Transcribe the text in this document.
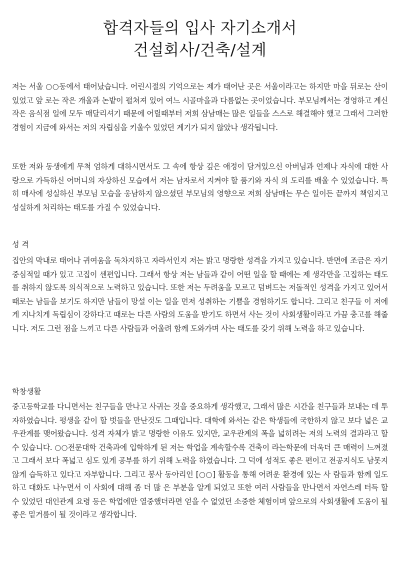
합격자들의 입사 자기소개서
건설회사/건축/설계

저는 서울 ○○동에서 태어났습니다. 어린시절의 기억으로는 제가 태어난 곳은 서울이라고는 하지만 마을 뒤로는 산이 있었고 앞 로는 작은 개울과 논밭이 펼쳐져 있어 여느 시골마을과 다름없는 곳이었습니다. 부모님께서는 경영하고 계신 작은 음식점 일에 모두 매달리셔기 때문에 어릴때부터 저희 삼남매는 많은 일들을 스스로 해결해야 했고 그래서 그러한 경험이 지금에 와서는 저의 자립심을 키울수 있었던 계기가 되지 않았나 생각됩니다.

또한 저와 동생에게 무척 엄하게 대하시면서도 그 속에 항상 깊은 애정이 담겨있으신 아버님과 언제나 자식에 대한 사랑으로 가득하신 어머니의 자상하신 모습에서 저는 남자로서 지켜야 할 품기와 자식 의 도리를 배울 수 있었습니다. 특히 매사에 성실하신 부모님 모습을 옹남하지 않으셨던 부모님의 영향으로 저희 삼남매는 무슨 일이든 끝까지 책임지고 성실하게 처리하는 태도를 가질 수 있었습니다.

성 격

집안의 막내로 태어나 귀여움을 독차지하고 자라서인지 저는 밝고 명랑한 성격을 가지고 있습니다. 반면에 조금은 자기중심적일 때가 있고 고집이 센편입니다. 그래서 항상 저는 남들과 같이 어떤 일을 할 때에는 제 생각만을 고집하는 태도를 취하지 않도록 의식적으로 노력하고 있습니다. 또한 저는 두려움을 모르고 덤벼드는 저돌적인 성격을 가지고 있어서 때로는 남들을 보기도 하지만 남들이 망설 이는 일을 먼저 성취하는 기쁨을 경험하기도 합니다. 그리고 친구들 이 저에게 지나치게 독립심이 강하다고 때로는 다른 사람의 도움을 받기도 하면서 사는 것이 사회생활이라고 가끔 충고를 해줍니다. 저도 그런 점을 느끼고 다른 사람들과 어울려 함께 도와가며 사는 태도를 갖기 위해 노력을 하고 있습니다.

학창생활

중고등학교를 다니면서는 친구들을 만나고 사귀는 것을 중요하게 생각했고, 그래서 많은 시간을 친구들과 보내는 데 투자하였습니다. 평생을 같이 할 벗들을 만난것도 그때입니다. 대학에 와서는 같은 학생들에 국한하지 않고 보다 넓은 교우관계를 맺어왔습니다. 성격 자체가 밝고 명랑한 이유도 있지만, 교우관계의 폭을 넓히려는 저의 노력의 결과라고 할 수 있습니다. ○○전문대학 건축과에 입학하게 된 저는 학업을 계속할수록 건축이 라는학문에 더욱더 큰 매력이 느껴졌고 그래서 보다 폭넓고 심도 있게 공부를 하기 위해 노력을 하였습니다. 그 덕에 성적도 좋은 편이고 전공지식도 남못지 않게 습득하고 있다고 자부합니다. 그리고 봉사 동아리인 [○○] 활동을 통해 어려운 환경에 있는 사 람들과 함께 일도 하고 대화도 나누면서 이 사회에 대해 좀 더 많 은 부분을 알게 되었고 또한 여러 사람들을 만나면서 자연스레 터득 할 수 있었던 대인관계 요령 등은 학업에만 열중했더라면 얻을 수 없었던 소중한 체험이며 앞으로의 사회생활에 도움이 될 좋은 밑거름이 될 것이라고 생각합니다.
